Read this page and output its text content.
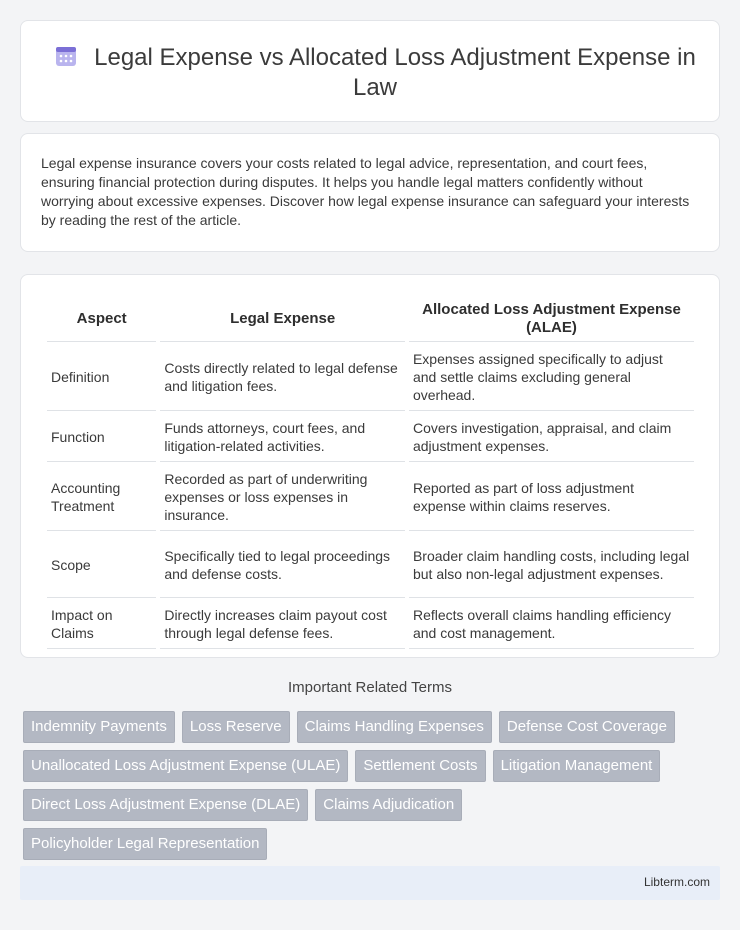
Legal Expense vs Allocated Loss Adjustment Expense in Law

Legal expense insurance covers your costs related to legal advice, representation, and court fees, ensuring financial protection during disputes. It helps you handle legal matters confidently without worrying about excessive expenses. Discover how legal expense insurance can safeguard your interests by reading the rest of the article.

Aspect	Legal Expense	Allocated Loss Adjustment Expense (ALAE)
Definition	Costs directly related to legal defense and litigation fees.	Expenses assigned specifically to adjust and settle claims excluding general overhead.
Function	Funds attorneys, court fees, and litigation-related activities.	Covers investigation, appraisal, and claim adjustment expenses.
Accounting Treatment	Recorded as part of underwriting expenses or loss expenses in insurance.	Reported as part of loss adjustment expense within claims reserves.
Scope	Specifically tied to legal proceedings and defense costs.	Broader claim handling costs, including legal but also non-legal adjustment expenses.
Impact on Claims	Directly increases claim payout cost through legal defense fees.	Reflects overall claims handling efficiency and cost management.
Important Related Terms
Indemnity Payments	Loss Reserve	Claims Handling Expenses	Defense Cost Coverage
Unallocated Loss Adjustment Expense (ULAE)	Settlement Costs	Litigation Management
Direct Loss Adjustment Expense (DLAE)	Claims Adjudication
Policyholder Legal Representation
Libterm.com
